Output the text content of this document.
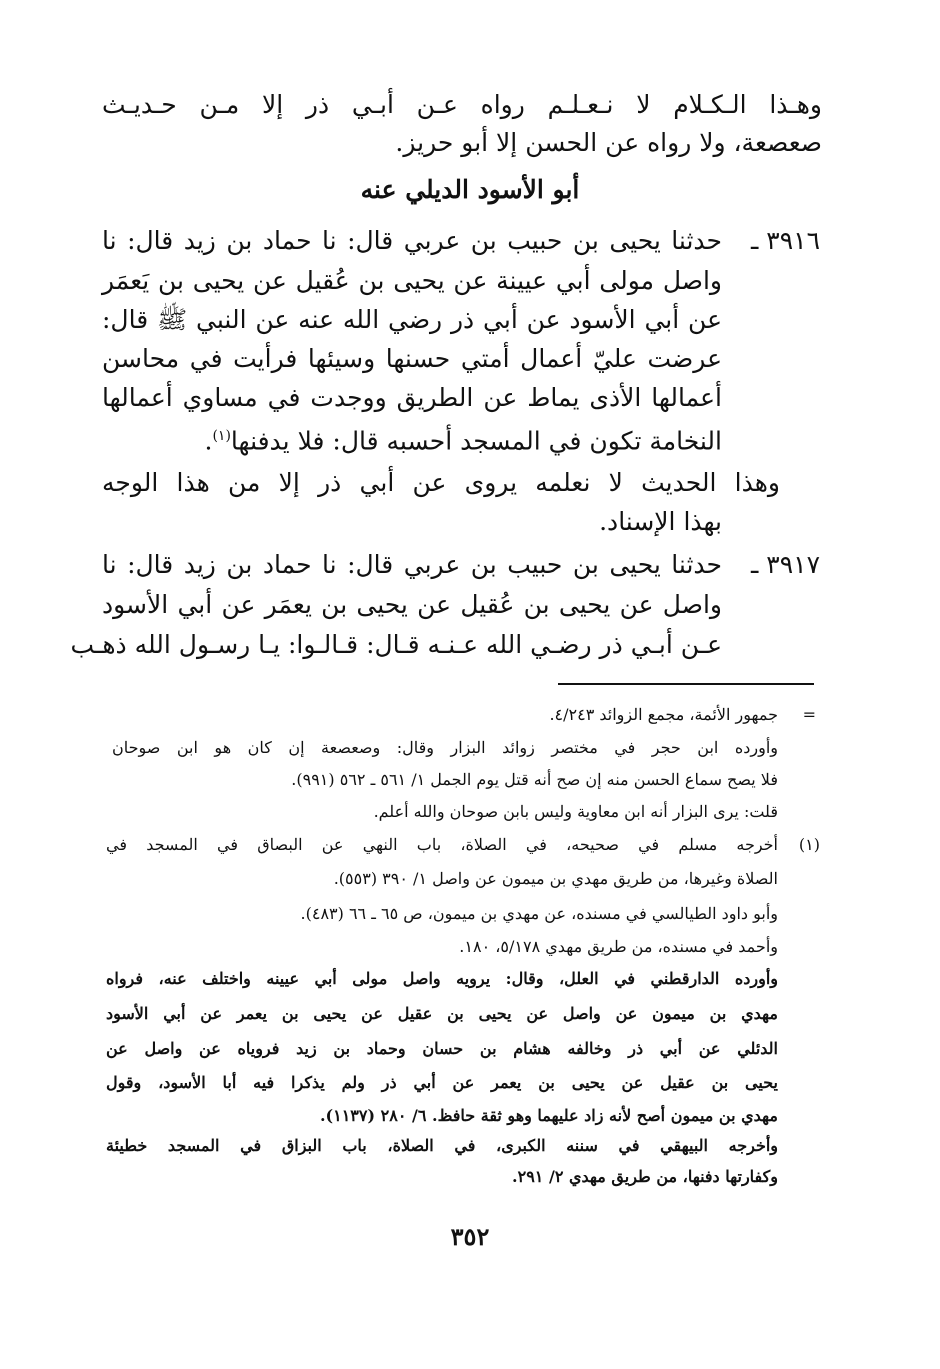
وهـذا الـكـلام لا نـعـلـم رواه عـن أبـي ذر إلا مـن حـديـث
صعصعة، ولا رواه عن الحسن إلا أبو حريز.
أبو الأسود الديلي عنه
٣٩١٦ ـ
حدثنا يحيى بن حبيب بن عربي قال: نا حماد بن زيد قال: نا
واصل مولى أبي عيينة عن يحيى بن عُقيل عن يحيى بن يَعمَر
عن أبي الأسود عن أبي ذر رضي الله عنه عن النبي ﷺ قال:
عرضت عليّ أعمال أمتي حسنها وسيئها فرأيت في محاسن
أعمالها الأذى يماط عن الطريق ووجدت في مساوي أعمالها
النخامة تكون في المسجد أحسبه قال: فلا يدفنها$^{(١)}$.
وهذا الحديث لا نعلمه يروى عن أبي ذر إلا من هذا الوجه
بهذا الإسناد.
٣٩١٧ ـ
حدثنا يحيى بن حبيب بن عربي قال: نا حماد بن زيد قال: نا
واصل عن يحيى بن عُقيل عن يحيى بن يعمَر عن أبي الأسود
عـن أبـي ذر رضـي الله عـنـه قـال: قـالـوا: يـا رسـول الله ذهـب
=
جمهور الأئمة، مجمع الزوائد ٤/٢٤٣.
وأورده ابن حجر في مختصر زوائد البزار وقال: وصعصعة إن كان هو ابن صوحان
فلا يصح سماع الحسن منه إن صح أنه قتل يوم الجمل ١/ ٥٦١ ـ ٥٦٢ (٩٩١).
قلت: يرى البزار أنه ابن معاوية وليس بابن صوحان والله أعلم.
(١)
أخرجه مسلم في صحيحه، في الصلاة، باب النهي عن البصاق في المسجد في
الصلاة وغيرها، من طريق مهدي بن ميمون عن واصل ١/ ٣٩٠ (٥٥٣).
وأبو داود الطيالسي في مسنده، عن مهدي بن ميمون، ص ٦٥ ـ ٦٦ (٤٨٣).
وأحمد في مسنده، من طريق مهدي ٥/١٧٨، ١٨٠.
وأورده الدارقطني في العلل، وقال: يرويه واصل مولى أبي عيينه واختلف عنه، فرواه
مهدي بن ميمون عن واصل عن يحيى بن عقيل عن يحيى بن يعمر عن أبي الأسود
الدئلي عن أبي ذر وخالفه هشام بن حسان وحماد بن زيد فروياه عن واصل عن
يحيى بن عقيل عن يحيى بن يعمر عن أبي ذر ولم يذكرا فيه أبا الأسود، وقول
مهدي بن ميمون أصح لأنه زاد عليهما وهو ثقة حافظ. ٦/ ٢٨٠ (١١٣٧).
وأخرجه البيهقي في سننه الكبرى، في الصلاة، باب البزاق في المسجد خطيئة
وكفارتها دفنها، من طريق مهدي ٢/ ٢٩١.
٣٥٢
